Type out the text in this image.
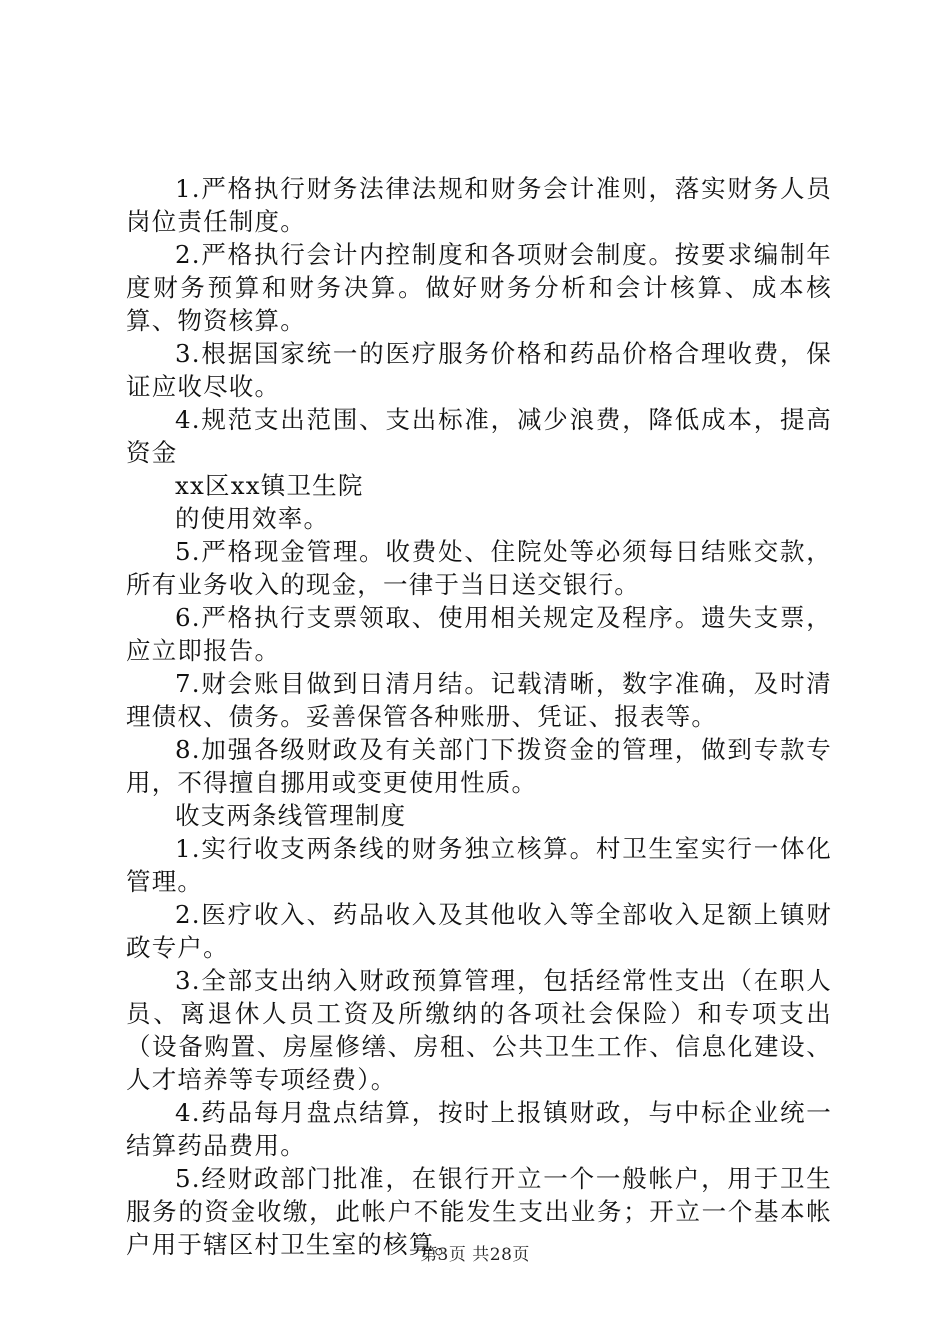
1.严格执行财务法律法规和财务会计准则，落实财务人员岗位责任制度。

2.严格执行会计内控制度和各项财会制度。按要求编制年度财务预算和财务决算。做好财务分析和会计核算、成本核算、物资核算。

3.根据国家统一的医疗服务价格和药品价格合理收费，保证应收尽收。

4.规范支出范围、支出标准，减少浪费，降低成本，提高资金

xx区xx镇卫生院

的使用效率。

5.严格现金管理。收费处、住院处等必须每日结账交款，所有业务收入的现金，一律于当日送交银行。

6.严格执行支票领取、使用相关规定及程序。遗失支票，应立即报告。

7.财会账目做到日清月结。记载清晰，数字准确，及时清理债权、债务。妥善保管各种账册、凭证、报表等。

8.加强各级财政及有关部门下拨资金的管理，做到专款专用，不得擅自挪用或变更使用性质。

收支两条线管理制度

1.实行收支两条线的财务独立核算。村卫生室实行一体化管理。

2.医疗收入、药品收入及其他收入等全部收入足额上镇财政专户。

3.全部支出纳入财政预算管理，包括经常性支出（在职人员、离退休人员工资及所缴纳的各项社会保险）和专项支出（设备购置、房屋修缮、房租、公共卫生工作、信息化建设、人才培养等专项经费）。

4.药品每月盘点结算，按时上报镇财政，与中标企业统一结算药品费用。

5.经财政部门批准，在银行开立一个一般帐户，用于卫生服务的资金收缴，此帐户不能发生支出业务；开立一个基本帐户用于辖区村卫生室的核算。

第3页 共28页
